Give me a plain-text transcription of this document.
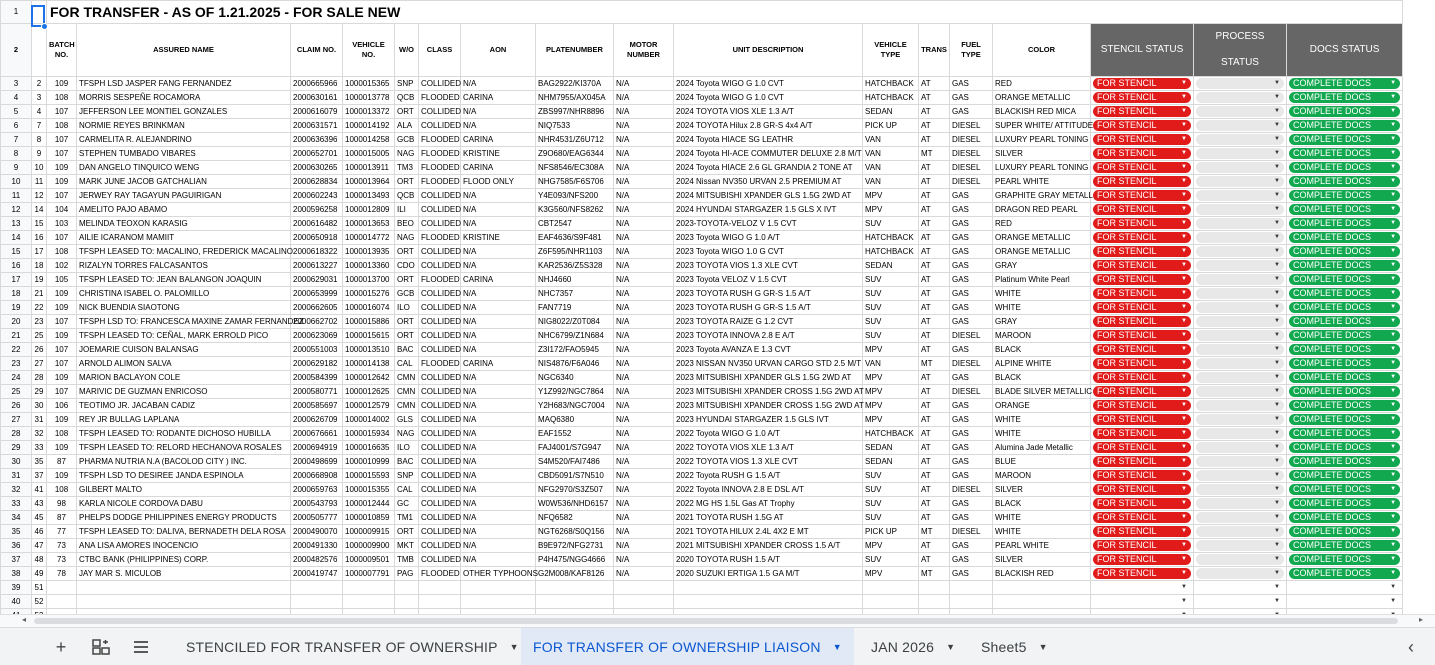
1		FOR TRANSFER - AS OF 1.21.2025 - FOR SALE NEW																
2		BATCH NO.	ASSURED NAME	CLAIM NO.	VEHICLE NO.	W/O	CLASS	AON	PLATENUMBER	MOTOR NUMBER	UNIT DESCRIPTION	VEHICLE TYPE	TRANS	FUEL TYPE	COLOR	STENCIL STATUS	PROCESS STATUS	DOCS STATUS
3	2	109	TFSPH LSD JASPER FANG FERNANDEZ	2000665966	1000015365	SNP	COLLIDED	N/A	BAG2922/KI370A	N/A	2024 Toyota WIGO G 1.0 CVT	HATCHBACK	AT	GAS	RED	FOR STENCIL ▼	▼	COMPLETE DOCS ▼

4	3	108	MORRIS SESPEÑE ROCAMORA	2000630161	1000013778	QCB	FLOODED	CARINA	NHM7955/AX045A	N/A	2024 Toyota WIGO G 1.0 CVT	HATCHBACK	AT	GAS	ORANGE METALLIC	FOR STENCIL ▼	▼	COMPLETE DOCS ▼

5	4	107	JEFFERSON LEE MONTIEL GONZALES	2000616079	1000013372	ORT	COLLIDED	N/A	ZBS997/NHR8896	N/A	2024 TOYOTA VIOS XLE 1.3 A/T	SEDAN	AT	GAS	BLACKISH RED MICA	FOR STENCIL ▼	▼	COMPLETE DOCS ▼

6	7	108	NORMIE REYES BRINKMAN	2000631571	1000014192	ALA	COLLIDED	N/A	NIQ7533	N/A	2024 TOYOTA Hilux 2.8 GR-S 4x4 A/T	PICK UP	AT	DIESEL	SUPER WHITE/ ATTITUDE	FOR STENCIL ▼	▼	COMPLETE DOCS ▼

7	8	107	CARMELITA R. ALEJANDRINO	2000636396	1000014258	GCB	FLOODED	CARINA	NHR4531/Z6U712	N/A	2024 Toyota HIACE SG LEATHR	VAN	AT	DIESEL	LUXURY PEARL TONING	FOR STENCIL ▼	▼	COMPLETE DOCS ▼

8	9	107	STEPHEN TUMBADO VIBARES	2000652701	1000015005	NAG	FLOODED	KRISTINE	Z9O680/EAG6344	N/A	2024 Toyota HI-ACE COMMUTER DELUXE 2.8 M/T	VAN	MT	DIESEL	SILVER	FOR STENCIL ▼	▼	COMPLETE DOCS ▼

9	10	109	DAN ANGELO TINQUICO WENG	2000630265	1000013911	TM3	FLOODED	CARINA	NFS8546/EC308A	N/A	2024 Toyota HIACE 2.6 GL GRANDIA 2 TONE AT	VAN	AT	DIESEL	LUXURY PEARL TONING	FOR STENCIL ▼	▼	COMPLETE DOCS ▼

10	11	109	MARK JUNE JACOB GATCHALIAN	2000628834	1000013964	ORT	FLOODED	FLOOD ONLY	NHG7585/F6S706	N/A	2024 Nissan NV350 URVAN 2.5 PREMIUM AT	VAN	AT	DIESEL	PEARL WHITE	FOR STENCIL ▼	▼	COMPLETE DOCS ▼

11	12	107	JERWEY RAY TAGAYUN PAGUIRIGAN	2000602243	1000013493	QCB	COLLIDED	N/A	Y4E093/NFS200	N/A	2024 MITSUBISHI XPANDER GLS 1.5G 2WD AT	MPV	AT	GAS	GRAPHITE GRAY METALL	FOR STENCIL ▼	▼	COMPLETE DOCS ▼

12	14	104	AMELITO PAJO ABAMO	2000596258	1000012809	ILI	COLLIDED	N/A	K3G560/NFS8262	N/A	2024 HYUNDAI STARGAZER 1.5 GLS X IVT	MPV	AT	GAS	DRAGON RED PEARL	FOR STENCIL ▼	▼	COMPLETE DOCS ▼

13	15	103	MELINDA TEOXON KARASIG	2000616482	1000013653	BEO	COLLIDED	N/A	CBT2547	N/A	2023-TOYOTA-VELOZ V 1.5 CVT	SUV	AT	GAS	RED	FOR STENCIL ▼	▼	COMPLETE DOCS ▼

14	16	107	AILIE ICARANOM MAMIIT	2000650918	1000014772	NAG	FLOODED	KRISTINE	EAF4636/S9F481	N/A	2023 Toyota WIGO G 1.0 A/T	HATCHBACK	AT	GAS	ORANGE METALLIC	FOR STENCIL ▼	▼	COMPLETE DOCS ▼

15	17	108	TFSPH LEASED TO: MACALINO, FREDERICK MACALINO	2000618322	1000013935	ORT	COLLIDED	N/A	Z6F595/NHR1103	N/A	2023 Toyota WIGO 1.0 G CVT	HATCHBACK	AT	GAS	ORANGE METALLIC	FOR STENCIL ▼	▼	COMPLETE DOCS ▼

16	18	102	RIZALYN TORRES FALCASANTOS	2000613227	1000013360	CDO	COLLIDED	N/A	KAR2536/Z5S328	N/A	2023 TOYOTA VIOS 1.3 XLE CVT	SEDAN	AT	GAS	GRAY	FOR STENCIL ▼	▼	COMPLETE DOCS ▼

17	19	105	TFSPH LEASED TO: JEAN BALANGON JOAQUIN	2000629031	1000013700	ORT	FLOODED	CARINA	NHJ4660	N/A	2023 Toyota VELOZ V 1.5 CVT	SUV	AT	GAS	Platinum White Pearl	FOR STENCIL ▼	▼	COMPLETE DOCS ▼

18	21	109	CHRISTINA ISABEL O. PALOMILLO	2000653999	1000015276	GCB	COLLIDED	N/A	NHC7357	N/A	2023 TOYOTA RUSH G GR-S 1.5 A/T	SUV	AT	GAS	WHITE	FOR STENCIL ▼	▼	COMPLETE DOCS ▼

19	22	109	NICK BUENDIA SIAOTONG	2000662605	1000016074	ILO	COLLIDED	N/A	FAN7719	N/A	2023 TOYOTA RUSH G GR-S 1.5 A/T	SUV	AT	GAS	WHITE	FOR STENCIL ▼	▼	COMPLETE DOCS ▼

20	23	107	TFSPH LSD TO: FRANCESCA MAXINE ZAMAR FERNANDEZ	2000662702	1000015886	ORT	COLLIDED	N/A	NIG8022/Z0T084	N/A	2023 TOYOTA RAIZE G 1.2 CVT	SUV	AT	GAS	GRAY	FOR STENCIL ▼	▼	COMPLETE DOCS ▼

21	25	109	TFSPH LEASED TO: CEÑAL, MARK ERROLD PICO	2000623069	1000015615	ORT	COLLIDED	N/A	NHC6799/Z1N684	N/A	2023 TOYOTA INNOVA 2.8 E A/T	SUV	AT	DIESEL	MAROON	FOR STENCIL ▼	▼	COMPLETE DOCS ▼

22	26	107	JOEMARIE CUISON BALANSAG	2000551003	1000013510	BAC	COLLIDED	N/A	Z3I172/FAO5945	N/A	2023 Toyota AVANZA E 1.3 CVT	MPV	AT	GAS	BLACK	FOR STENCIL ▼	▼	COMPLETE DOCS ▼

23	27	107	ARNOLD ALIMON SALVA	2000629182	1000014138	CAL	FLOODED	CARINA	NIS4876/F6A046	N/A	2023 NISSAN NV350 URVAN CARGO STD 2.5 M/T	VAN	MT	DIESEL	ALPINE WHITE	FOR STENCIL ▼	▼	COMPLETE DOCS ▼

24	28	109	MARION BACLAYON COLE	2000584399	1000012642	CMN	COLLIDED	N/A	NGC6340	N/A	2023 MITSUBISHI XPANDER GLS 1.5G 2WD AT	MPV	AT	GAS	BLACK	FOR STENCIL ▼	▼	COMPLETE DOCS ▼

25	29	107	MARIVIC DE GUZMAN ENRICOSO	2000580771	1000012625	CMN	COLLIDED	N/A	Y1Z992/NGC7864	N/A	2023 MITSUBISHI XPANDER CROSS 1.5G 2WD AT	MPV	AT	DIESEL	BLADE SILVER METALLIC	FOR STENCIL ▼	▼	COMPLETE DOCS ▼

26	30	106	TEOTIMO JR. JACABAN CADIZ	2000585697	1000012579	CMN	COLLIDED	N/A	Y2H683/NGC7004	N/A	2023 MITSUBISHI XPANDER CROSS 1.5G 2WD AT	MPV	AT	GAS	ORANGE	FOR STENCIL ▼	▼	COMPLETE DOCS ▼

27	31	109	REY JR BULLAG LAPLANA	2000626709	1000014002	GLS	COLLIDED	N/A	MAQ6380	N/A	2023 HYUNDAI STARGAZER 1.5 GLS IVT	MPV	AT	GAS	WHITE	FOR STENCIL ▼	▼	COMPLETE DOCS ▼

28	32	108	TFSPH LEASED TO: RODANTE DICHOSO HUBILLA	2000676661	1000015934	NAG	COLLIDED	N/A	EAF1552	N/A	2022 Toyota WIGO G 1.0 A/T	HATCHBACK	AT	GAS	WHITE	FOR STENCIL ▼	▼	COMPLETE DOCS ▼

29	33	109	TFSPH LEASED TO: RELORD HECHANOVA ROSALES	2000694919	1000016635	ILO	COLLIDED	N/A	FAJ4001/S7G947	N/A	2022 TOYOTA VIOS XLE 1.3 A/T	SEDAN	AT	GAS	Alumina Jade Metallic	FOR STENCIL ▼	▼	COMPLETE DOCS ▼

30	35	87	PHARMA NUTRIA N.A (BACOLOD CITY ) INC.	2000498699	1000010999	BAC	COLLIDED	N/A	S4M520/FAI7486	N/A	2022 TOYOTA VIOS 1.3 XLE CVT	SEDAN	AT	GAS	BLUE	FOR STENCIL ▼	▼	COMPLETE DOCS ▼

31	37	109	TFSPH LSD TO DESIREE JANDA ESPINOLA	2000668908	1000015593	SNP	COLLIDED	N/A	CBD5091/S7N510	N/A	2022 Toyota RUSH G 1.5 A/T	SUV	AT	GAS	MAROON	FOR STENCIL ▼	▼	COMPLETE DOCS ▼

32	41	108	GILBERT MALTO	2000659763	1000015355	CAL	COLLIDED	N/A	NFG2970/S3Z507	N/A	2022 Toyota INNOVA 2.8 E DSL A/T	SUV	AT	DIESEL	SILVER	FOR STENCIL ▼	▼	COMPLETE DOCS ▼

33	43	98	KARLA NICOLE CORDOVA DABU	2000543793	1000012444	GC	COLLIDED	N/A	W0W536/NHD6157	N/A	2022 MG HS 1.5L Gas AT Trophy	SUV	AT	GAS	BLACK	FOR STENCIL ▼	▼	COMPLETE DOCS ▼

34	45	87	PHELPS DODGE PHILIPPINES ENERGY PRODUCTS	2000505777	1000010859	TM1	COLLIDED	N/A	NFQ6582	N/A	2021 TOYOTA RUSH 1.5G AT	SUV	AT	GAS	WHITE	FOR STENCIL ▼	▼	COMPLETE DOCS ▼

35	46	77	TFSPH LEASED TO: DALIVA, BERNADETH DELA ROSA	2000490070	1000009915	ORT	COLLIDED	N/A	NGT6268/S0Q156	N/A	2021 TOYOTA HILUX 2.4L 4X2 E MT	PICK UP	MT	DIESEL	WHITE	FOR STENCIL ▼	▼	COMPLETE DOCS ▼

36	47	73	ANA LISA AMORES INOCENCIO	2000491330	1000009900	MKT	COLLIDED	N/A	B9E972/NFG2731	N/A	2021 MITSUBISHI XPANDER CROSS 1.5 A/T	MPV	AT	GAS	PEARL WHITE	FOR STENCIL ▼	▼	COMPLETE DOCS ▼

37	48	73	CTBC BANK (PHILIPPINES) CORP.	2000482576	1000009501	TMB	COLLIDED	N/A	P4H475/NGG4666	N/A	2020 TOYOTA RUSH 1.5 A/T	SUV	AT	GAS	SILVER	FOR STENCIL ▼	▼	COMPLETE DOCS ▼

38	49	78	JAY MAR S. MICULOB	2000419747	1000007791	PAG	FLOODED	OTHER TYPHOONS	G2M008/KAF8126	N/A	2020 SUZUKI ERTIGA 1.5 GA M/T	MPV	MT	GAS	BLACKISH RED	FOR STENCIL ▼	▼	COMPLETE DOCS ▼

39	51															▼	▼	▼

40	52															▼	▼	▼

◂	▸
+	STENCILED FOR TRANSFER OF OWNERSHIP ▼ FOR TRANSFER OF OWNERSHIP LIAISON ▼ JAN 2026 ▼ Sheet5 ▼	‹
